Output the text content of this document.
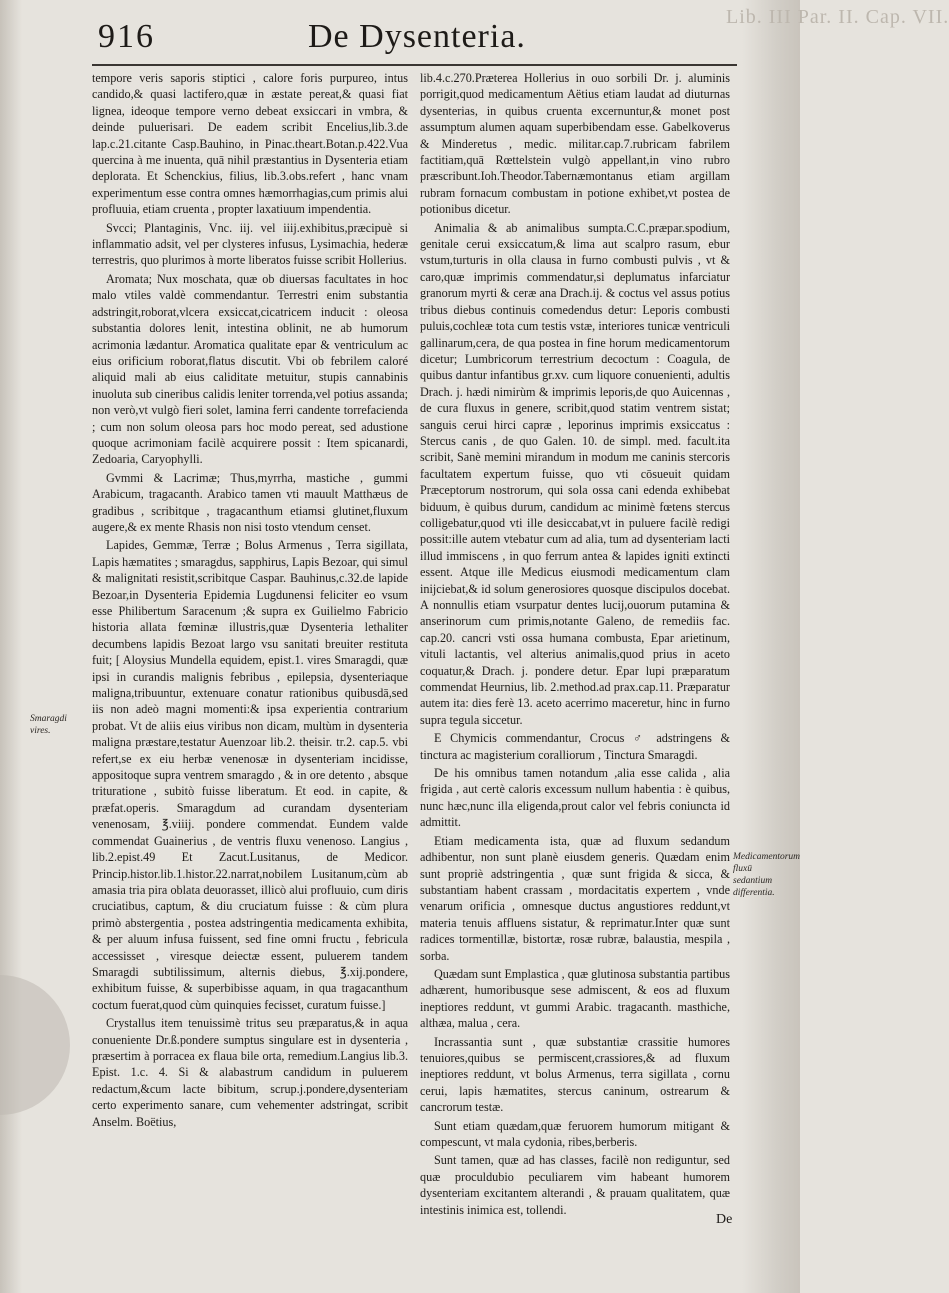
Lib. III Par. II. Cap. VII.
916	De Dysenteria.
Smaragdi vires.
Medicamentorum fluxū sedantium differentia.

tempore veris saporis stiptici , calore foris purpureo, intus candido,& quasi lactifero,quæ in æstate pereat,& quasi fiat lignea, ideoque tempore verno debeat exsiccari in vmbra, & deinde puluerisari. De eadem scribit Encelius,lib.3.de lap.c.21.citante Casp.Bauhino, in Pinac.theart.Botan.p.422.Vua quercina à me inuenta, quā nihil præstantius in Dysenteria etiam deplorata. Et Schenckius, filius, lib.3.obs.refert , hanc vnam experimentum esse contra omnes hæmorrhagias,cum primis alui profluuia, etiam cruenta , propter laxatiuum impendentia.

Svcci; Plantaginis, Vnc. iij. vel iiij.exhibitus,præcipuè si inflammatio adsit, vel per clysteres infusus, Lysimachia, hederæ terrestris, quo plurimos à morte liberatos fuisse scribit Hollerius.

Aromata; Nux moschata, quæ ob diuersas facultates in hoc malo vtiles valdè commendantur. Terrestri enim substantia adstringit,roborat,vlcera exsiccat,cicatricem inducit : oleosa substantia dolores lenit, intestina oblinit, ne ab humorum acrimonia lædantur. Aromatica qualitate epar & ventriculum ac eius orificium roborat,flatus discutit. Vbi ob febrilem caloré aliquid mali ab eius caliditate metuitur, stupis cannabinis inuoluta sub cineribus calidis leniter torrenda,vel potius assanda; non verò,vt vulgò fieri solet, lamina ferri candente torrefacienda ; cum non solum oleosa pars hoc modo pereat, sed adustione quoque acrimoniam facilè acquirere possit : Item spicanardi, Zedoaria, Caryophylli.

Gvmmi & Lacrimæ; Thus,myrrha, mastiche , gummi Arabicum, tragacanth. Arabico tamen vti mauult Matthæus de gradibus , scribitque , tragacanthum etiamsi glutinet,fluxum augere,& ex mente Rhasis non nisi tosto vtendum censet.

Lapides, Gemmæ, Terræ ; Bolus Armenus , Terra sigillata, Lapis hæmatites ; smaragdus, sapphirus, Lapis Bezoar, qui simul & malignitati resistit,scribitque Caspar. Bauhinus,c.32.de lapide Bezoar,in Dysenteria Epidemia Lugdunensi feliciter eo vsum esse Philibertum Saracenum ;& supra ex Guilielmo Fabricio historia allata fœminæ illustris,quæ Dysenteria lethaliter decumbens lapidis Bezoat largo vsu sanitati breuiter restituta fuit; [ Aloysius Mundella equidem, epist.1. vires Smaragdi, quæ ipsi in curandis malignis febribus , epilepsia, dysenteriaque maligna,tribuuntur, extenuare conatur rationibus quibusdā,sed iis non adeò magni momenti:& ipsa experientia contrarium probat. Vt de aliis eius viribus non dicam, multùm in dysenteria maligna præstare,testatur Auenzoar lib.2. theisir. tr.2. cap.5. vbi refert,se ex eiu herbæ venenosæ in dysenteriam incidisse, appositoque supra ventrem smaragdo , & in ore detento , absque trituratione , subitò fuisse liberatum. Et eod. in capite, & præfat.operis. Smaragdum ad curandam dysenteriam venenosam, ℥.viiij. pondere commendat. Eundem valde commendat Guainerius , de ventris fluxu venenoso. Langius , lib.2.epist.49 Et Zacut.Lusitanus, de Medicor. Princip.histor.lib.1.histor.22.narrat,nobilem Lusitanum,cùm ab amasia tria pira oblata deuorasset, illicò alui profluuio, cum diris cruciatibus, captum, & diu cruciatum fuisse : & cùm plura primò abstergentia , postea adstringentia medicamenta exhibita, & per aluum infusa fuissent, sed fine omni fructu , febricula accessisset , viresque deiectæ essent, puluerem tandem Smaragdi subtilissimum, alternis diebus, ℥.xij.pondere, exhibitum fuisse, & superbibisse aquam, in qua tragacanthum coctum fuerat,quod cùm quinquies fecisset, curatum fuisse.]

Crystallus item tenuissimè tritus seu præparatus,& in aqua conueniente Dr.ß.pondere sumptus singulare est in dysenteria , præsertim à porracea ex flaua bile orta, remedium.Langius lib.3. Epist. 1.c. 4. Si & alabastrum candidum in puluerem redactum,&cum lacte bibitum, scrup.j.pondere,dysenteriam certo experimento sanare, cum vehementer adstringat, scribit Anselm. Boëtius,

lib.4.c.270.Præterea Hollerius in ouo sorbili Dr. j. aluminis porrigit,quod medicamentum Aëtius etiam laudat ad diuturnas dysenterias, in quibus cruenta excernuntur,& monet post assumptum alumen aquam superbibendam esse. Gabelkoverus & Minderetus , medic. militar.cap.7.rubricam fabrilem factitiam,quā Rœttelstein vulgò appellant,in vino rubro præscribunt.Ioh.Theodor.Tabernæmontanus etiam argillam rubram fornacum combustam in potione exhibet,vt postea de potionibus dicetur.

Animalia & ab animalibus sumpta.C.C.præpar.spodium, genitale cerui exsiccatum,& lima aut scalpro rasum, ebur vstum,turturis in olla clausa in furno combusti pulvis , vt & caro,quæ imprimis commendatur,si deplumatus infarciatur granorum myrti & ceræ ana Drach.ij. & coctus vel assus potius tribus diebus continuis comedendus detur: Leporis combusti puluis,cochleæ tota cum testis vstæ, interiores tunicæ ventriculi gallinarum,cera, de qua postea in fine horum medicamentorum dicetur; Lumbricorum terrestrium decoctum : Coagula, de quibus dantur infantibus gr.xv. cum liquore conuenienti, adultis Drach. j. hædi nimirùm & imprimis leporis,de quo Auicennas , de cura fluxus in genere, scribit,quod statim ventrem sistat; sanguis cerui hirci capræ , leporinus imprimis exsiccatus : Stercus canis , de quo Galen. 10. de simpl. med. facult.ita scribit, Sanè memini mirandum in modum me caninis stercoris facultatem expertum fuisse, quo vti cōsueuit quidam Præceptorum nostrorum, qui sola ossa cani edenda exhibebat biduum, è quibus durum, candidum ac minimè fœtens stercus colligebatur,quod vti ille desiccabat,vt in puluere facilè redigi possit:ille autem vtebatur cum ad alia, tum ad dysenteriam lacti illud immiscens , in quo ferrum antea & lapides igniti extincti essent. Atque ille Medicus eiusmodi medicamentum clam inijciebat,& id solum generosiores quosque discipulos docebat. A nonnullis etiam vsurpatur dentes lucij,ouorum putamina & anserinorum cum primis,notante Galeno, de remediis fac. cap.20. cancri vsti ossa humana combusta, Epar arietinum, vituli lactantis, vel alterius animalis,quod prius in aceto coquatur,& Drach. j. pondere detur. Epar lupi præparatum commendat Heurnius, lib. 2.method.ad prax.cap.11. Præparatur autem ita: dies ferè 13. aceto acerrimo maceretur, hinc in furno supra tegula siccetur.

E Chymicis commendantur, Crocus ♂ adstringens & tinctura ac magisterium coralliorum , Tinctura Smaragdi.

De his omnibus tamen notandum ,alia esse calida , alia frigida , aut certè caloris excessum nullum habentia : è quibus, nunc hæc,nunc illa eligenda,prout calor vel febris coniuncta id admittit.

Etiam medicamenta ista, quæ ad fluxum sedandum adhibentur, non sunt planè eiusdem generis. Quædam enim sunt propriè adstringentia , quæ sunt frigida & sicca, & substantiam habent crassam , mordacitatis expertem , vnde venarum orificia , omnesque ductus angustiores reddunt,vt materia tenuis affluens sistatur, & reprimatur.Inter quæ sunt radices tormentillæ, bistortæ, rosæ rubræ, balaustia, mespila , sorba.

Quædam sunt Emplastica , quæ glutinosa substantia partibus adhærent, humoribusque sese admiscent, & eos ad fluxum ineptiores reddunt, vt gummi Arabic. tragacanth. masthiche, althæa, malua , cera.

Incrassantia sunt , quæ substantiæ crassitie humores tenuiores,quibus se permiscent,crassiores,& ad fluxum ineptiores reddunt, vt bolus Armenus, terra sigillata , cornu cerui, lapis hæmatites, stercus caninum, ostrearum & cancrorum testæ.

Sunt etiam quædam,quæ feruorem humorum mitigant & compescunt, vt mala cydonia, ribes,berberis.

Sunt tamen, quæ ad has classes, facilè non rediguntur, sed quæ proculdubio peculiarem vim habeant humorem dysenteriam excitantem alterandi , & prauam qualitatem, quæ intestinis inimica est, tollendi.

De
